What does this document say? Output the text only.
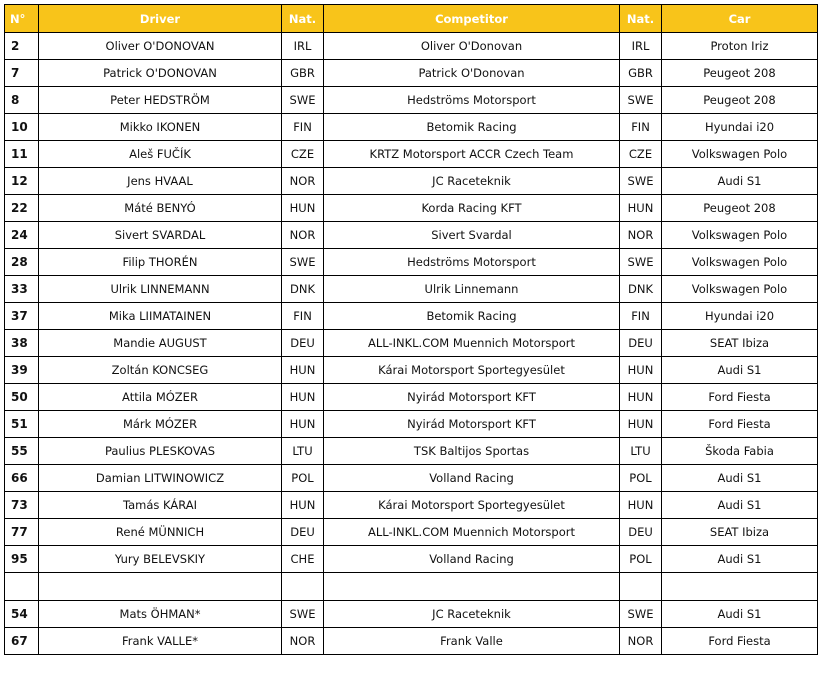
N°	Driver	Nat.	Competitor	Nat.	Car
2	Oliver O'DONOVAN	IRL	Oliver O'Donovan	IRL	Proton Iriz
7	Patrick O'DONOVAN	GBR	Patrick O'Donovan	GBR	Peugeot 208
8	Peter HEDSTRÖM	SWE	Hedströms Motorsport	SWE	Peugeot 208
10	Mikko IKONEN	FIN	Betomik Racing	FIN	Hyundai i20
11	Aleš FUČÍK	CZE	KRTZ Motorsport ACCR Czech Team	CZE	Volkswagen Polo
12	Jens HVAAL	NOR	JC Raceteknik	SWE	Audi S1
22	Máté BENYÓ	HUN	Korda Racing KFT	HUN	Peugeot 208
24	Sivert SVARDAL	NOR	Sivert Svardal	NOR	Volkswagen Polo
28	Filip THORÉN	SWE	Hedströms Motorsport	SWE	Volkswagen Polo
33	Ulrik LINNEMANN	DNK	Ulrik Linnemann	DNK	Volkswagen Polo
37	Mika LIIMATAINEN	FIN	Betomik Racing	FIN	Hyundai i20
38	Mandie AUGUST	DEU	ALL-INKL.COM Muennich Motorsport	DEU	SEAT Ibiza
39	Zoltán KONCSEG	HUN	Kárai Motorsport Sportegyesület	HUN	Audi S1
50	Attila MÓZER	HUN	Nyirád Motorsport KFT	HUN	Ford Fiesta
51	Márk MÓZER	HUN	Nyirád Motorsport KFT	HUN	Ford Fiesta
55	Paulius PLESKOVAS	LTU	TSK Baltijos Sportas	LTU	Škoda Fabia
66	Damian LITWINOWICZ	POL	Volland Racing	POL	Audi S1
73	Tamás KÁRAI	HUN	Kárai Motorsport Sportegyesület	HUN	Audi S1
77	René MÜNNICH	DEU	ALL-INKL.COM Muennich Motorsport	DEU	SEAT Ibiza
95	Yury BELEVSKIY	CHE	Volland Racing	POL	Audi S1

54	Mats ÖHMAN*	SWE	JC Raceteknik	SWE	Audi S1
67	Frank VALLE*	NOR	Frank Valle	NOR	Ford Fiesta
